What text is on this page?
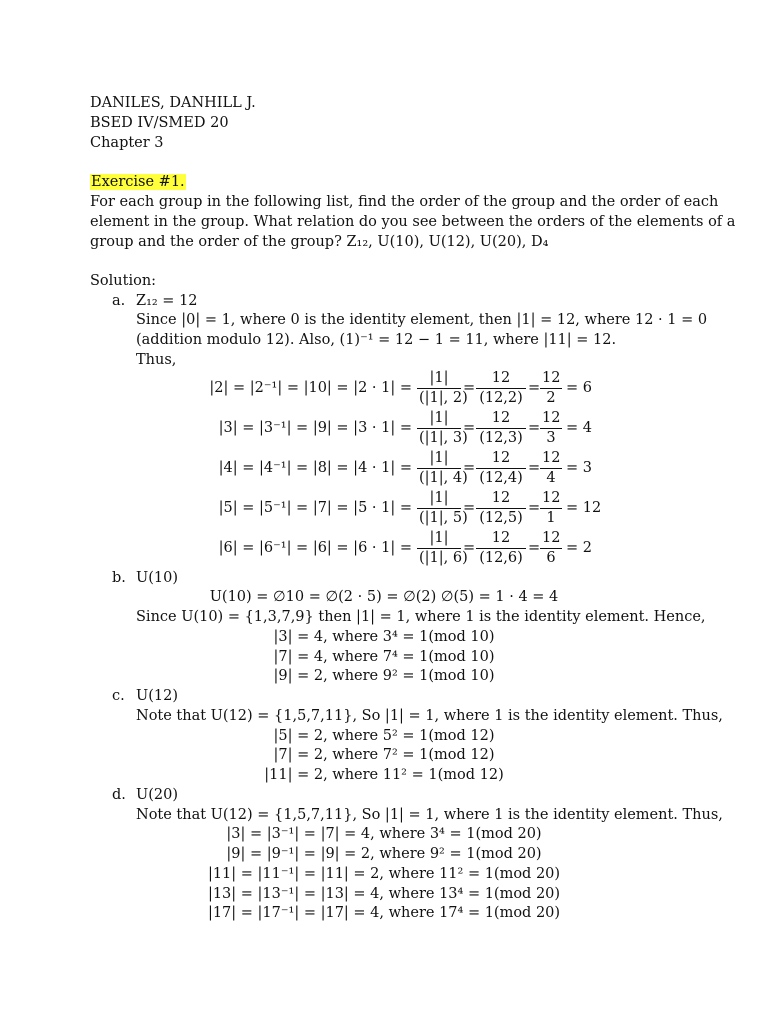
DANILES, DANHILL J.
BSED IV/SMED 20
Chapter 3
Exercise #1.
For each group in the following list, find the order of the group and the order of each
element in the group. What relation do you see between the orders of the elements of a
group and the order of the group? Z₁₂, U(10), U(12), U(20), D₄
Solution:
a. Z₁₂ = 12
Since |0| = 1, where 0 is the identity element, then |1| = 12, where 12 · 1 = 0
(addition modulo 12). Also, (1)⁻¹ = 12 − 1 = 11, where |11| = 12.
Thus,
$|2| = |2^{-1}| = |10| = |2 \cdot 1| = \frac{|1|}{(|1|, 2)} = \frac{12}{(12,2)} = \frac{12}{2} = 6$
$|3| = |3^{-1}| = |9| = |3 \cdot 1| = \frac{|1|}{(|1|, 3)} = \frac{12}{(12,3)} = \frac{12}{3} = 4$
$|4| = |4^{-1}| = |8| = |4 \cdot 1| = \frac{|1|}{(|1|, 4)} = \frac{12}{(12,4)} = \frac{12}{4} = 3$
$|5| = |5^{-1}| = |7| = |5 \cdot 1| = \frac{|1|}{(|1|, 5)} = \frac{12}{(12,5)} = \frac{12}{1} = 12$
$|6| = |6^{-1}| = |6| = |6 \cdot 1| = \frac{|1|}{(|1|, 6)} = \frac{12}{(12,6)} = \frac{12}{6} = 2$
b. U(10)
U(10) = ∅10 = ∅(2 · 5) = ∅(2) ∅(5) = 1 · 4 = 4
Since U(10) = {1,3,7,9} then |1| = 1, where 1 is the identity element. Hence,
|3| = 4, where 3⁴ = 1(mod 10)
|7| = 4, where 7⁴ = 1(mod 10)
|9| = 2, where 9² = 1(mod 10)
c. U(12)
Note that U(12) = {1,5,7,11}, So |1| = 1, where 1 is the identity element. Thus,
|5| = 2, where 5² = 1(mod 12)
|7| = 2, where 7² = 1(mod 12)
|11| = 2, where 11² = 1(mod 12)
d. U(20)
Note that U(12) = {1,5,7,11}, So |1| = 1, where 1 is the identity element. Thus,
|3| = |3⁻¹| = |7| = 4, where 3⁴ = 1(mod 20)
|9| = |9⁻¹| = |9| = 2, where 9² = 1(mod 20)
|11| = |11⁻¹| = |11| = 2, where 11² = 1(mod 20)
|13| = |13⁻¹| = |13| = 4, where 13⁴ = 1(mod 20)
|17| = |17⁻¹| = |17| = 4, where 17⁴ = 1(mod 20)
